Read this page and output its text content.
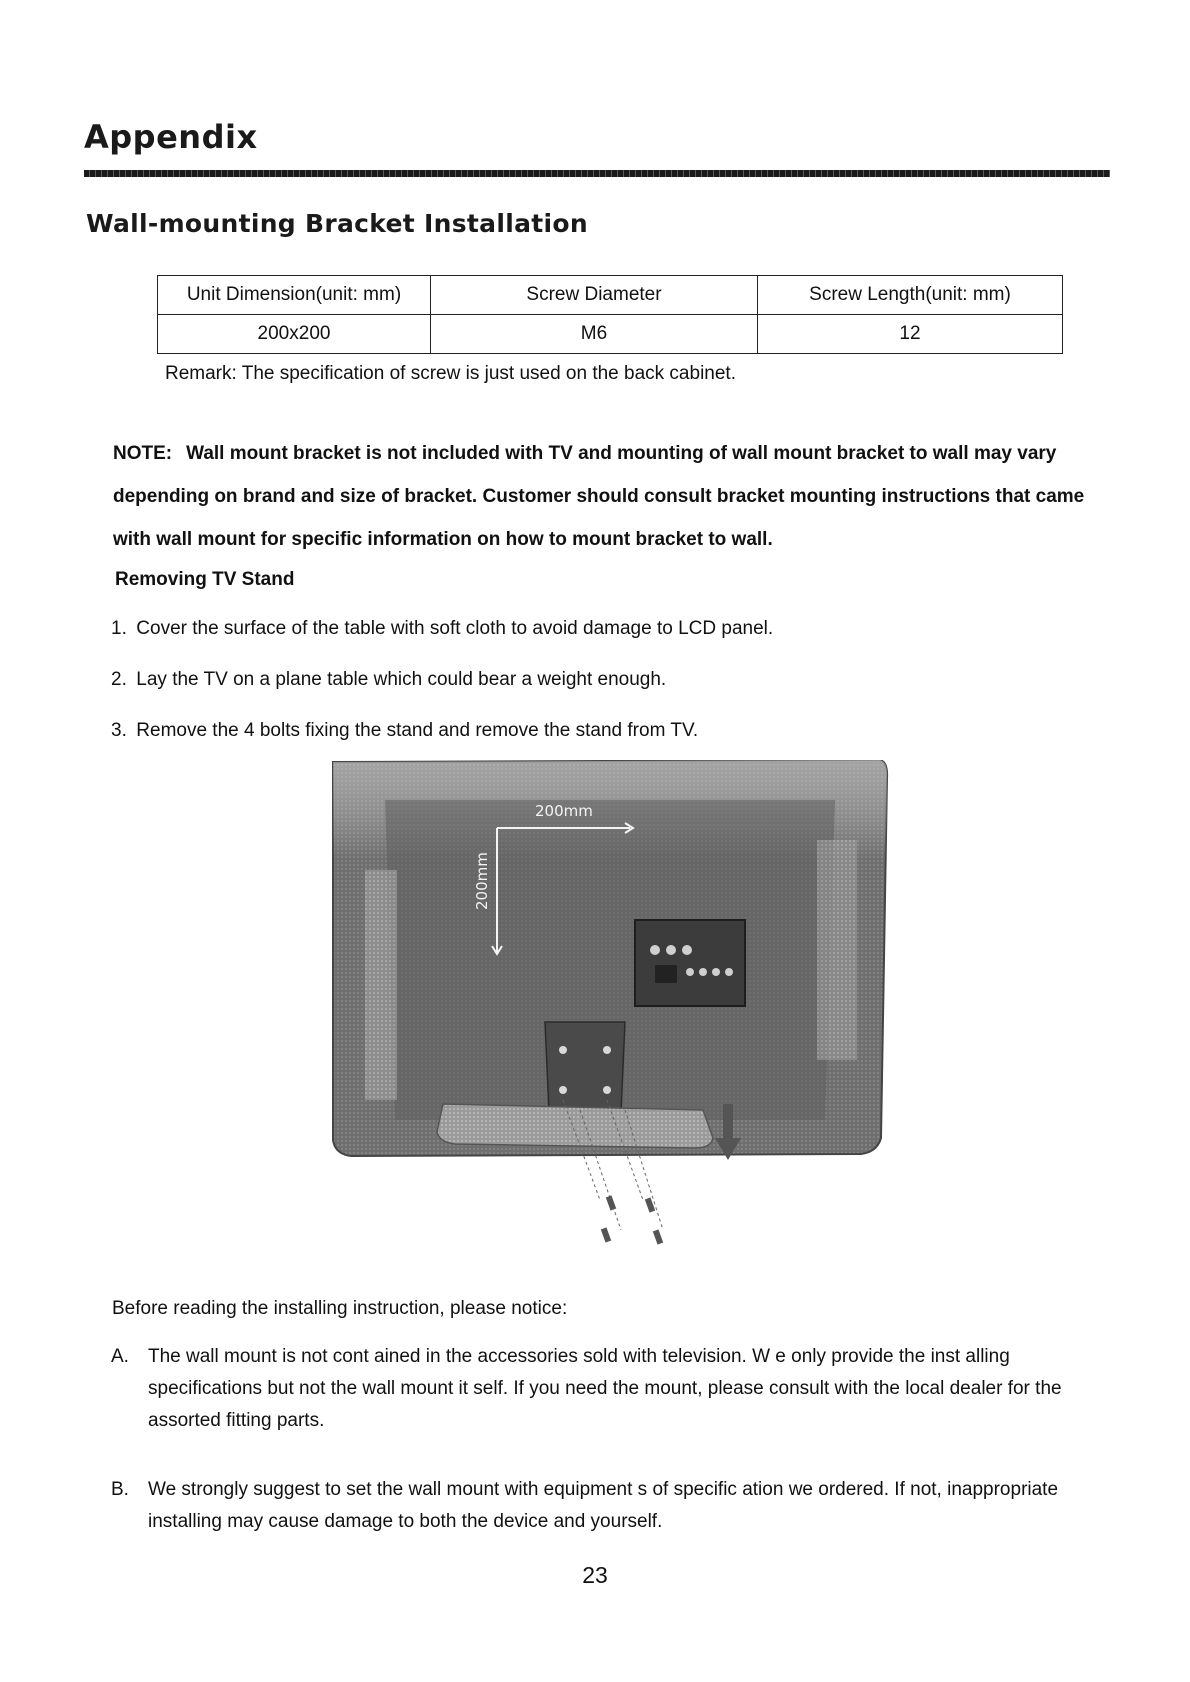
Appendix
Wall-mounting Bracket Installation
Unit Dimension(unit: mm)	Screw Diameter	Screw Length(unit: mm)
200x200	M6	12
Remark: The specification of screw is just used on the back cabinet.
NOTE: Wall mount bracket is not included with TV and mounting of wall mount bracket to wall may vary depending on brand and size of bracket. Customer should consult bracket mounting instructions that came with wall mount for specific information on how to mount bracket to wall.
Removing TV Stand
1. Cover the surface of the table with soft cloth to avoid damage to LCD panel.
2. Lay the TV on a plane table which could bear a weight enough.
3. Remove the 4 bolts fixing the stand and remove the stand from TV.
200mm
200mm
Before reading the installing instruction, please notice:
A. The wall mount is not cont ained in the accessories sold with television. W e only provide the inst alling specifications but not the wall mount it self. If you need the mount, please consult with the local dealer for the assorted fitting parts.
B. We strongly suggest to set the wall mount with equipment s of specific ation we ordered. If not, inappropriate installing may cause damage to both the device and yourself.
23
